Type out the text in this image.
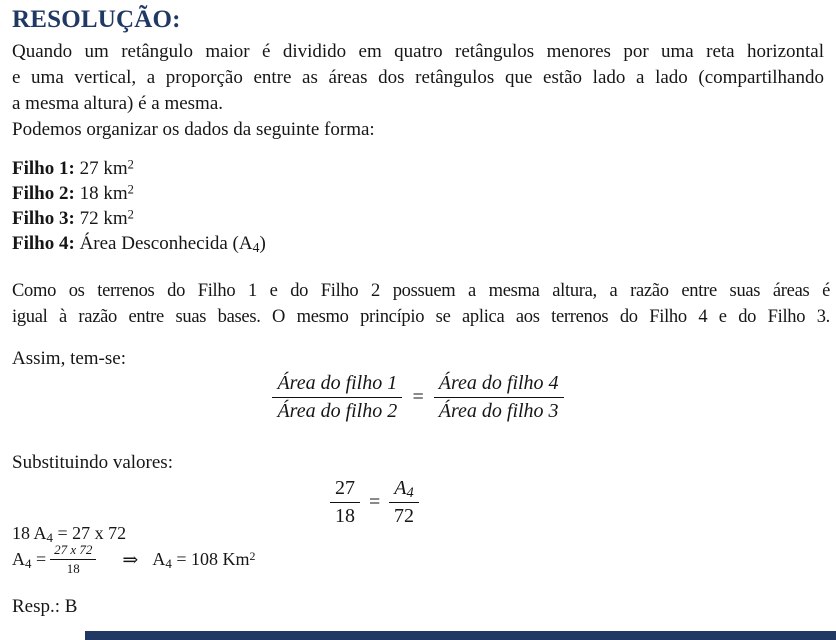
RESOLUÇÃO:
Quando um retângulo maior é dividido em quatro retângulos menores por uma reta horizontal
e uma vertical, a proporção entre as áreas dos retângulos que estão lado a lado (compartilhando
a mesma altura) é a mesma.
Podemos organizar os dados da seguinte forma:
Filho 1: 27 $km^2$
Filho 2: 18 $km^2$
Filho 3: 72 $km^2$
Filho 4: Área Desconhecida $(A_4)$
Como os terrenos do Filho 1 e do Filho 2 possuem a mesma altura, a razão entre suas áreas é
igual à razão entre suas bases. O mesmo princípio se aplica aos terrenos do Filho 4 e do Filho 3.
Assim, tem-se:
$\frac{\text{Área do filho 1}}{\text{Área do filho 2}} = \frac{\text{Área do filho 4}}{\text{Área do filho 3}}$
Substituindo valores:
$\frac{27}{18} = \frac{A_4}{72}$
18 $A_4 = 27$ x 72
$A_4 = \frac{27 x 72}{18}$ ⇒ $A_4 = 108$ Km$^2$
Resp.: B
